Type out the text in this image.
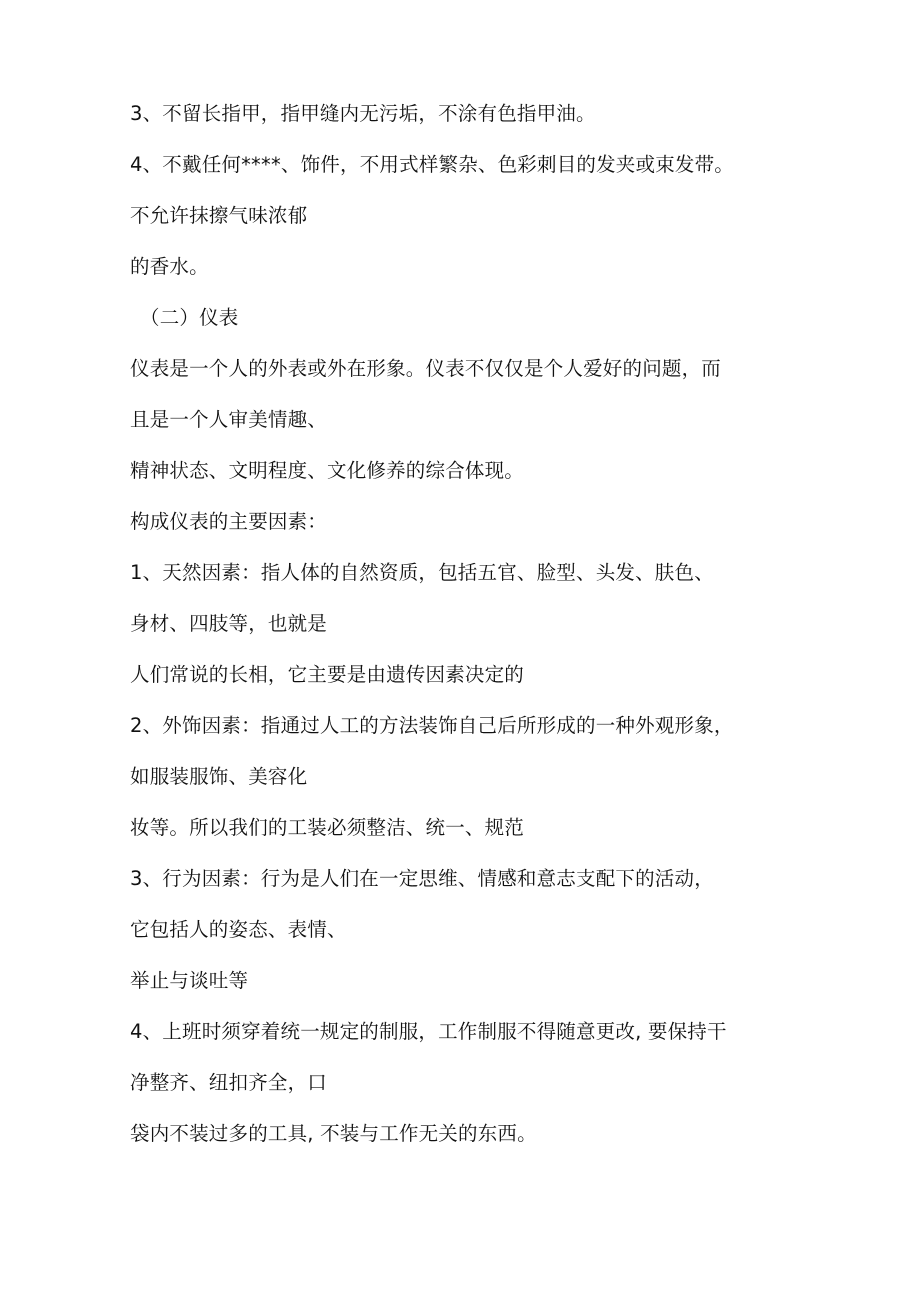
3、不留长指甲，指甲缝内无污垢，不涂有色指甲油。
4、不戴任何****、饰件，不用式样繁杂、色彩刺目的发夹或束发带。
不允许抹擦气味浓郁
的香水。
（二）仪表
仪表是一个人的外表或外在形象。仪表不仅仅是个人爱好的问题，而
且是一个人审美情趣、
精神状态、文明程度、文化修养的综合体现。
构成仪表的主要因素：
1、天然因素：指人体的自然资质，包括五官、脸型、头发、肤色、
身材、四肢等，也就是
人们常说的长相，它主要是由遗传因素决定的
2、外饰因素：指通过人工的方法装饰自己后所形成的一种外观形象，
如服装服饰、美容化
妆等。所以我们的工装必须整洁、统一、规范
3、行为因素：行为是人们在一定思维、情感和意志支配下的活动，
它包括人的姿态、表情、
举止与谈吐等
4、上班时须穿着统一规定的制服，工作制服不得随意更改, 要保持干
净整齐、纽扣齐全，口
袋内不装过多的工具, 不装与工作无关的东西。
